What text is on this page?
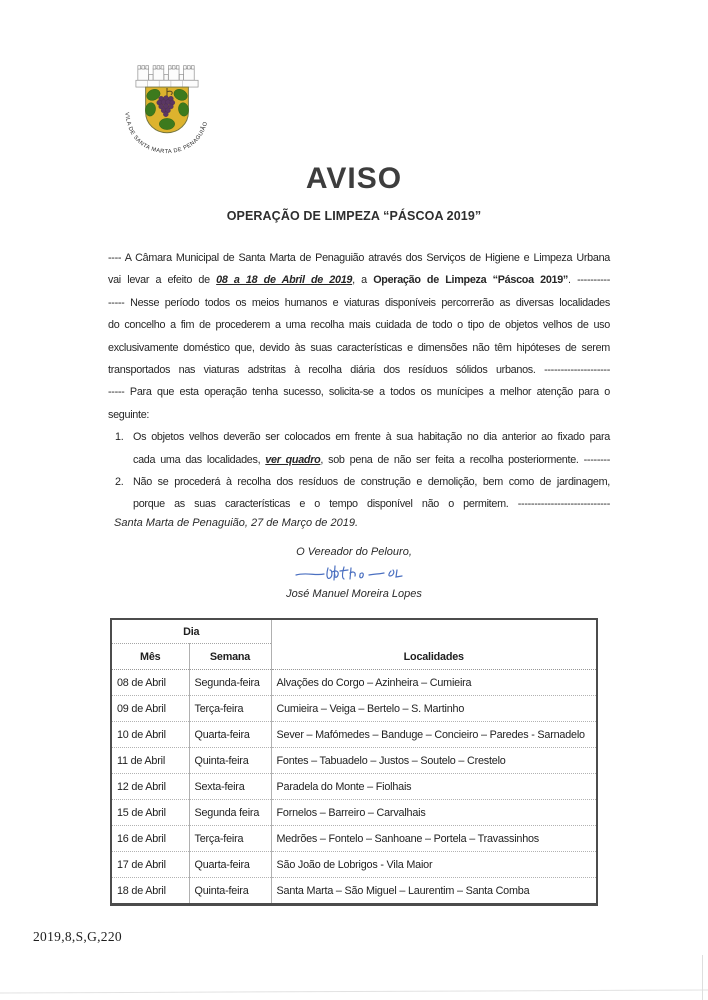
VILA DE SANTA MARTA DE PENAGUIÃO
AVISO
OPERAÇÃO DE LIMPEZA “PÁSCOA 2019”
---- A Câmara Municipal de Santa Marta de Penaguião através dos Serviços de Higiene e Limpeza Urbana
vai levar a efeito de 08 a 18 de Abril de 2019, a Operação de Limpeza “Páscoa 2019”. ----------
----- Nesse período todos os meios humanos e viaturas disponíveis percorrerão as diversas localidades
do concelho a fim de procederem a uma recolha mais cuidada de todo o tipo de objetos velhos de uso
exclusivamente doméstico que, devido às suas características e dimensões não têm hipóteses de serem
transportados nas viaturas adstritas à recolha diária dos resíduos sólidos urbanos. --------------------
----- Para que esta operação tenha sucesso, solicita-se a todos os munícipes a melhor atenção para o
seguinte:
1. Os objetos velhos deverão ser colocados em frente à sua habitação no dia anterior ao fixado para
cada uma das localidades, ver quadro, sob pena de não ser feita a recolha posteriormente. --------
2. Não se procederá à recolha dos resíduos de construção e demolição, bem como de jardinagem,
porque as suas características e o tempo disponível não o permitem. ----------------------------
Santa Marta de Penaguião, 27 de Março de 2019.
O Vereador do Pelouro,
José Manuel Moreira Lopes
Dia		Localidades
Mês	Semana	
08 de Abril	Segunda-feira	Alvações do Corgo – Azinheira – Cumieira
09 de Abril	Terça-feira	Cumieira – Veiga – Bertelo – S. Martinho
10 de Abril	Quarta-feira	Sever – Mafómedes – Banduge – Concieiro – Paredes - Sarnadelo
11 de Abril	Quinta-feira	Fontes – Tabuadelo – Justos – Soutelo – Crestelo
12 de Abril	Sexta-feira	Paradela do Monte – Fiolhais
15 de Abril	Segunda feira	Fornelos – Barreiro – Carvalhais
16 de Abril	Terça-feira	Medrões – Fontelo – Sanhoane – Portela – Travassinhos
17 de Abril	Quarta-feira	São João de Lobrigos - Vila Maior
18 de Abril	Quinta-feira	Santa Marta – São Miguel – Laurentim – Santa Comba
2019,8,S,G,220
